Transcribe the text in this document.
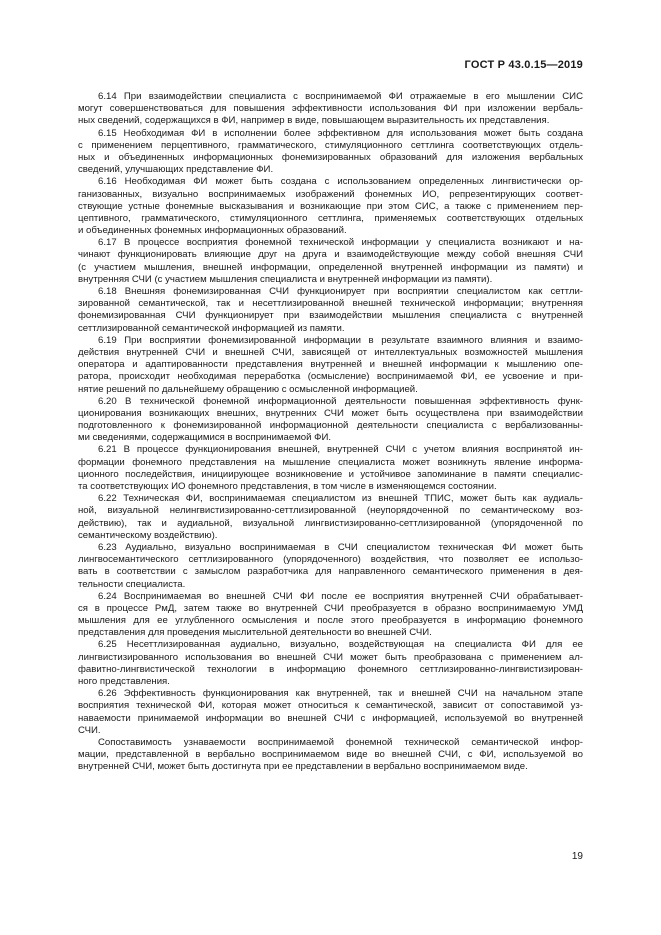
ГОСТ Р 43.0.15—2019
6.14 При взаимодействии специалиста с воспринимаемой ФИ отражаемые в его мышлении СИС
могут совершенствоваться для повышения эффективности использования ФИ при изложении вербаль-
ных сведений, содержащихся в ФИ, например в виде, повышающем выразительность их представления.
6.15 Необходимая ФИ в исполнении более эффективном для использования может быть создана
с применением перцептивного, грамматического, стимуляционного сеттлинга соответствующих отдель-
ных и объединенных информационных фонемизированных образований для изложения вербальных
сведений, улучшающих представление ФИ.
6.16 Необходимая ФИ может быть создана с использованием определенных лингвистически ор-
ганизованных, визуально воспринимаемых изображений фонемных ИО, репрезентирующих соответ-
ствующие устные фонемные высказывания и возникающие при этом СИС, а также с применением пер-
цептивного, грамматического, стимуляционного сеттлинга, применяемых соответствующих отдельных
и объединенных фонемных информационных образований.
6.17 В процессе восприятия фонемной технической информации у специалиста возникают и на-
чинают функционировать влияющие друг на друга и взаимодействующие между собой внешняя СЧИ
(с участием мышления, внешней информации, определенной внутренней информации из памяти) и
внутренняя СЧИ (с участием мышления специалиста и внутренней информации из памяти).
6.18 Внешняя фонемизированная СЧИ функционирует при восприятии специалистом как сеттли-
зированной семантической, так и несеттлизированной внешней технической информации; внутренняя
фонемизированная СЧИ функционирует при взаимодействии мышления специалиста с внутренней
сеттлизированной семантической информацией из памяти.
6.19 При восприятии фонемизированной информации в результате взаимного влияния и взаимо-
действия внутренней СЧИ и внешней СЧИ, зависящей от интеллектуальных возможностей мышления
оператора и адаптированности представления внутренней и внешней информации к мышлению опе-
ратора, происходит необходимая переработка (осмысление) воспринимаемой ФИ, ее усвоение и при-
нятие решений по дальнейшему обращению с осмысленной информацией.
6.20 В технической фонемной информационной деятельности повышенная эффективность функ-
ционирования возникающих внешних, внутренних СЧИ может быть осуществлена при взаимодействии
подготовленного к фонемизированной информационной деятельности специалиста с вербализованны-
ми сведениями, содержащимися в воспринимаемой ФИ.
6.21 В процессе функционирования внешней, внутренней СЧИ с учетом влияния воспринятой ин-
формации фонемного представления на мышление специалиста может возникнуть явление информа-
ционного последействия, инициирующее возникновение и устойчивое запоминание в памяти специалис-
та соответствующих ИО фонемного представления, в том числе в изменяющемся состоянии.
6.22 Техническая ФИ, воспринимаемая специалистом из внешней ТПИС, может быть как аудиаль-
ной, визуальной нелингвистизированно-сеттлизированной (неупорядоченной по семантическому воз-
действию), так и аудиальной, визуальной лингвистизированно-сеттлизированной (упорядоченной по
семантическому воздействию).
6.23 Аудиально, визуально воспринимаемая в СЧИ специалистом техническая ФИ может быть
лингвосемантического сеттлизированного (упорядоченного) воздействия, что позволяет ее использо-
вать в соответствии с замыслом разработчика для направленного семантического применения в дея-
тельности специалиста.
6.24 Воспринимаемая во внешней СЧИ ФИ после ее восприятия внутренней СЧИ обрабатывает-
ся в процессе РмД, затем также во внутренней СЧИ преобразуется в образно воспринимаемую УМД
мышления для ее углубленного осмысления и после этого преобразуется в информацию фонемного
представления для проведения мыслительной деятельности во внешней СЧИ.
6.25 Несеттлизированная аудиально, визуально, воздействующая на специалиста ФИ для ее
лингвистизированного использования во внешней СЧИ может быть преобразована с применением ал-
фавитно-лингвистической технологии в информацию фонемного сеттлизированно-лингвистизирован-
ного представления.
6.26 Эффективность функционирования как внутренней, так и внешней СЧИ на начальном этапе
восприятия технической ФИ, которая может относиться к семантической, зависит от сопоставимой уз-
наваемости принимаемой информации во внешней СЧИ с информацией, используемой во внутренней
СЧИ.
Сопоставимость узнаваемости воспринимаемой фонемной технической семантической инфор-
мации, представленной в вербально воспринимаемом виде во внешней СЧИ, с ФИ, используемой во
внутренней СЧИ, может быть достигнута при ее представлении в вербально воспринимаемом виде.
19
